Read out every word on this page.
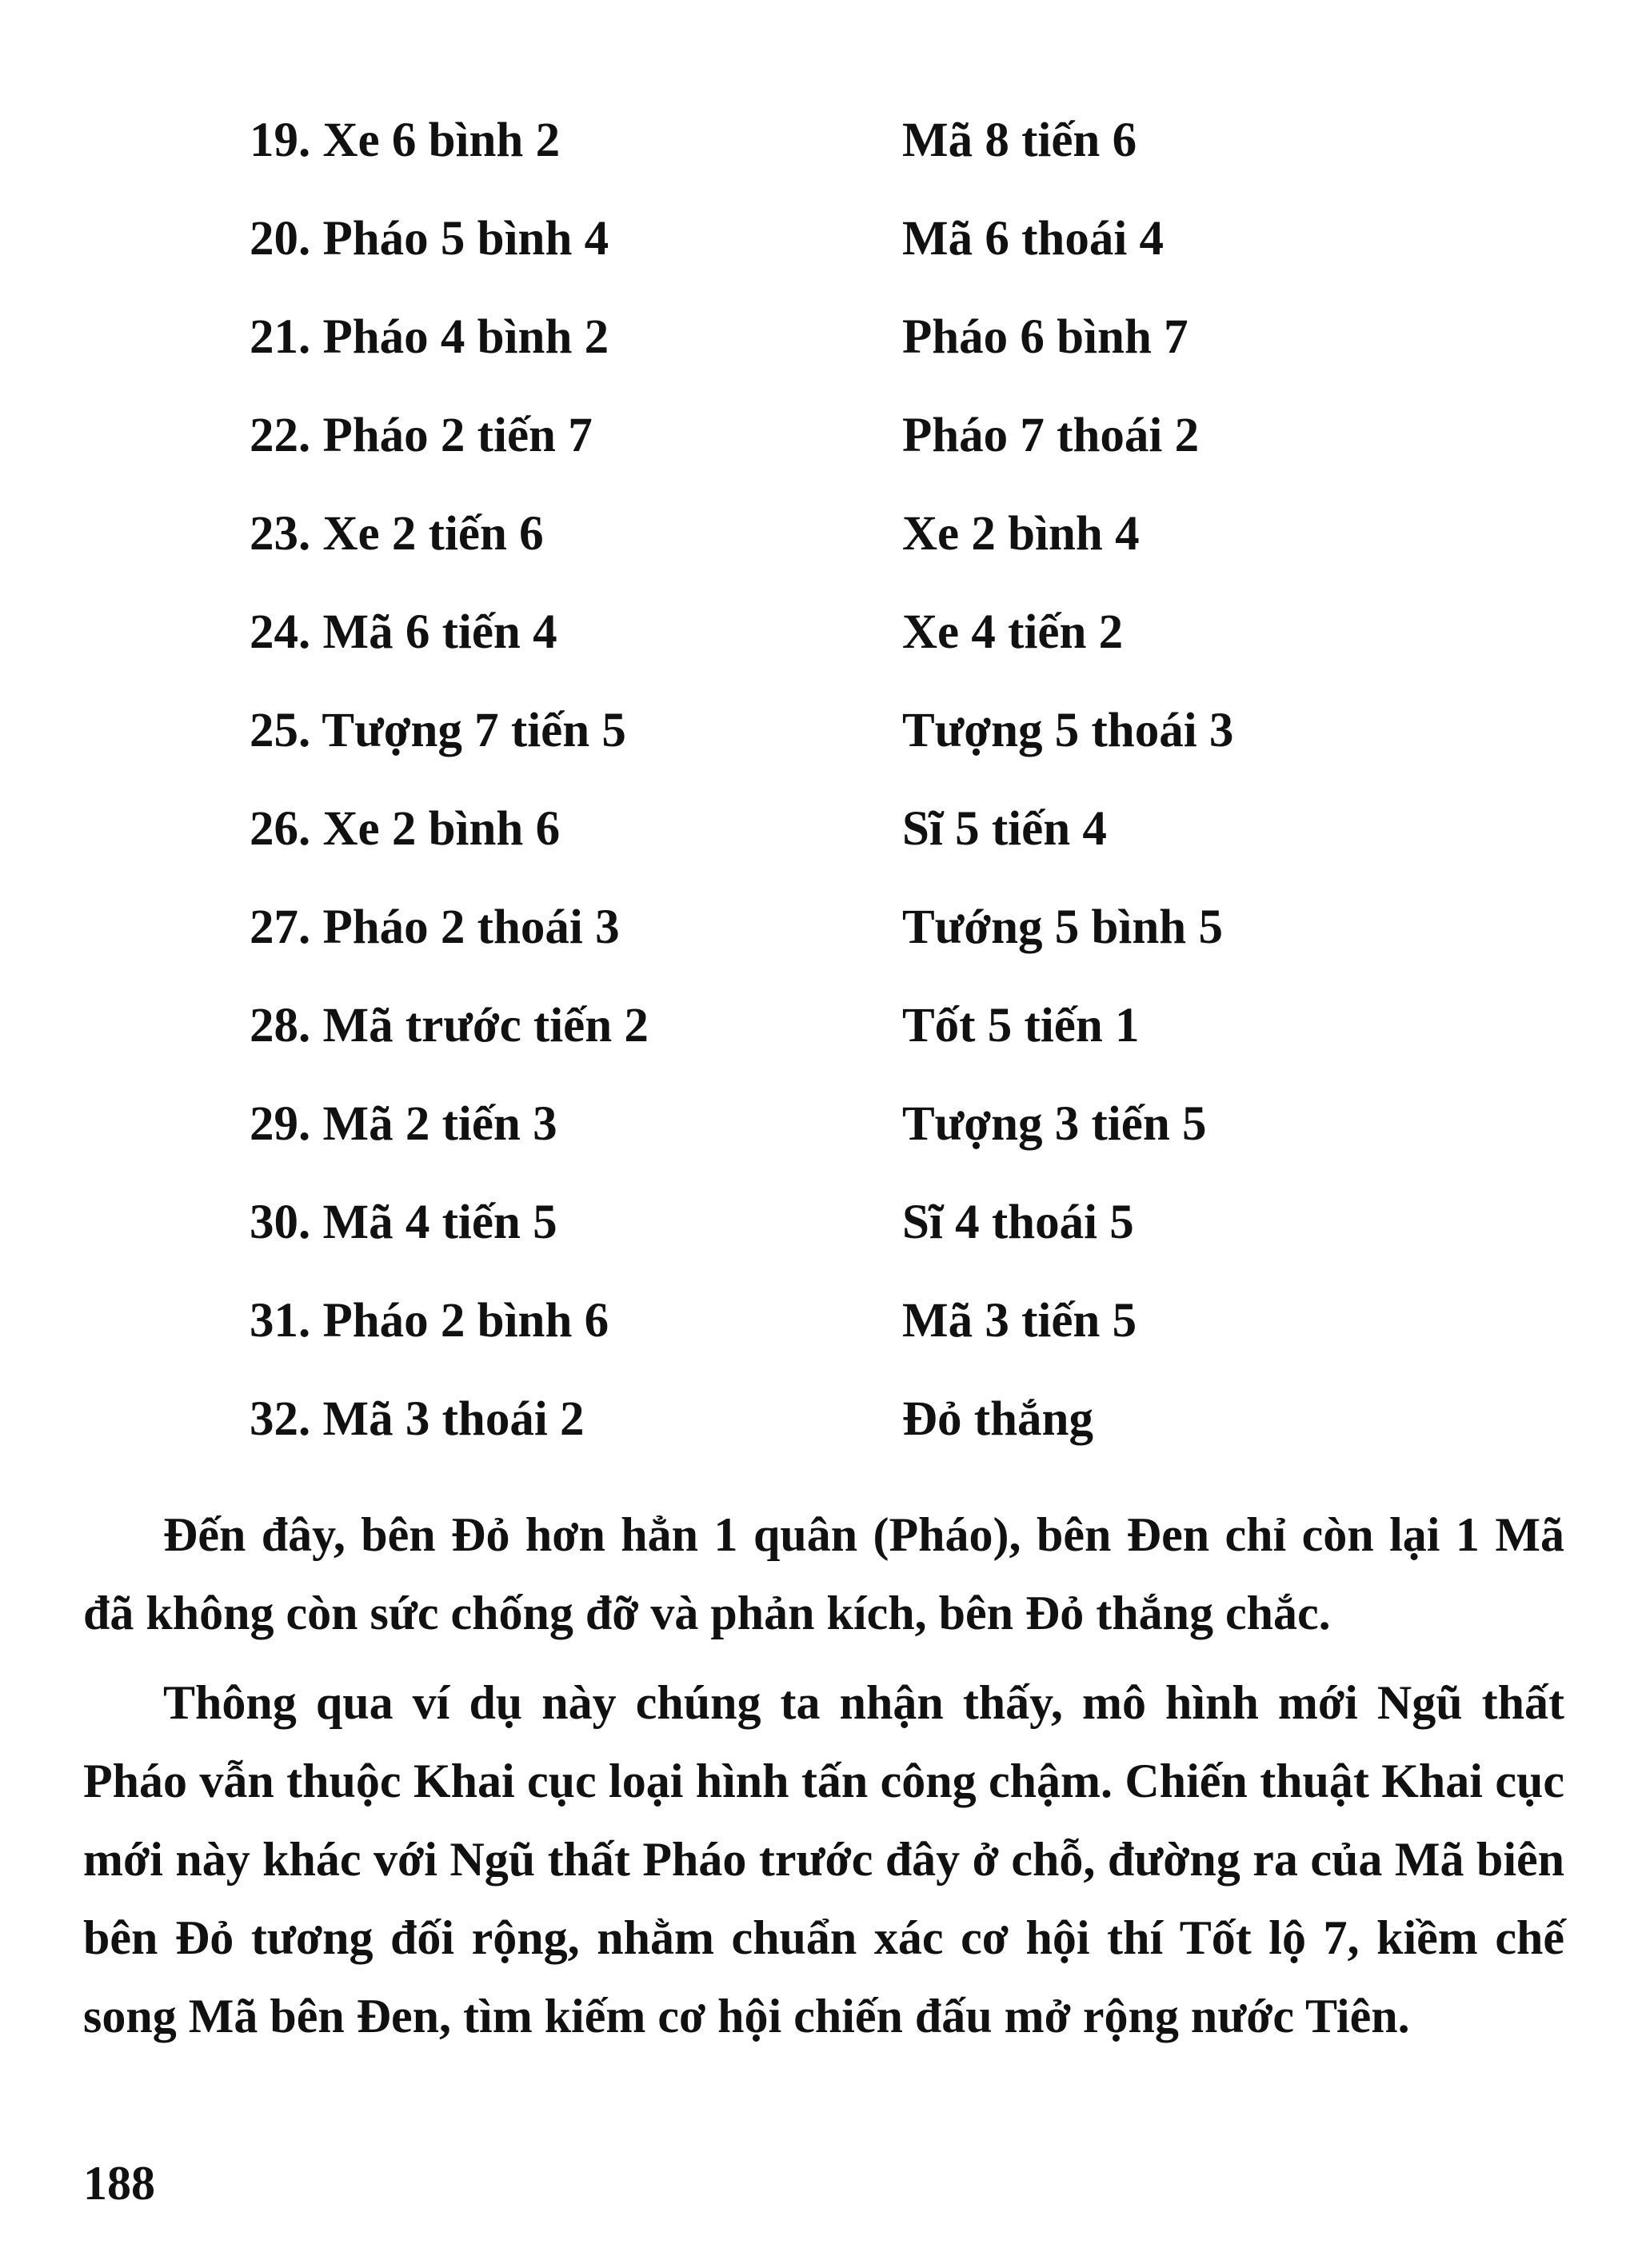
19. Xe 6 bình 2	Mã 8 tiến 6
20. Pháo 5 bình 4	Mã 6 thoái 4
21. Pháo 4 bình 2	Pháo 6 bình 7
22. Pháo 2 tiến 7	Pháo 7 thoái 2
23. Xe 2 tiến 6	Xe 2 bình 4
24. Mã 6 tiến 4	Xe 4 tiến 2
25. Tượng 7 tiến 5	Tượng 5 thoái 3
26. Xe 2 bình 6	Sĩ 5 tiến 4
27. Pháo 2 thoái 3	Tướng 5 bình 5
28. Mã trước tiến 2	Tốt 5 tiến 1
29. Mã 2 tiến 3	Tượng 3 tiến 5
30. Mã 4 tiến 5	Sĩ 4 thoái 5
31. Pháo 2 bình 6	Mã 3 tiến 5
32. Mã 3 thoái 2	Đỏ thắng

Đến đây, bên Đỏ hơn hẳn 1 quân (Pháo), bên Đen chỉ còn lại 1 Mã đã không còn sức chống đỡ và phản kích, bên Đỏ thắng chắc.

Thông qua ví dụ này chúng ta nhận thấy, mô hình mới Ngũ thất Pháo vẫn thuộc Khai cục loại hình tấn công chậm. Chiến thuật Khai cục mới này khác với Ngũ thất Pháo trước đây ở chỗ, đường ra của Mã biên bên Đỏ tương đối rộng, nhằm chuẩn xác cơ hội thí Tốt lộ 7, kiềm chế song Mã bên Đen, tìm kiếm cơ hội chiến đấu mở rộng nước Tiên.

188
